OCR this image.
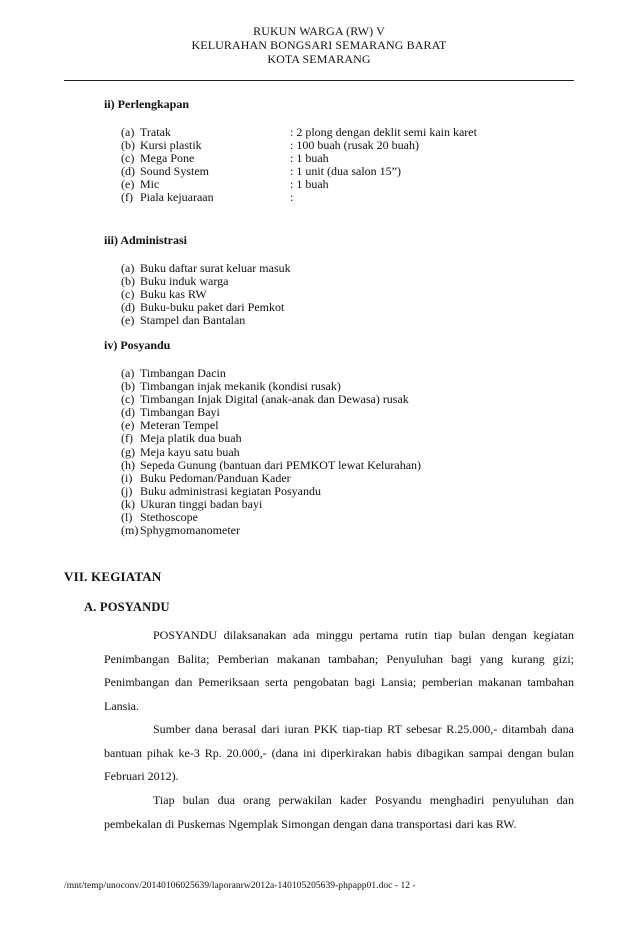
RUKUN WARGA (RW) V
KELURAHAN BONGSARI SEMARANG BARAT
KOTA SEMARANG
ii) Perlengkapan
(a) Tratak	: 2 plong dengan deklit semi kain karet
(b) Kursi plastik	: 100 buah (rusak 20 buah)
(c) Mega Pone	: 1 buah
(d) Sound System	: 1 unit (dua salon 15”)
(e) Mic	: 1 buah
(f) Piala kejuaraan	:
iii) Administrasi
(a) Buku daftar surat keluar masuk
(b) Buku induk warga
(c) Buku kas RW
(d) Buku-buku paket dari Pemkot
(e) Stampel dan Bantalan
iv) Posyandu
(a) Timbangan Dacin
(b) Timbangan injak mekanik (kondisi rusak)
(c) Timbangan Injak Digital (anak-anak dan Dewasa) rusak
(d) Timbangan Bayi
(e) Meteran Tempel
(f) Meja platik dua buah
(g) Meja kayu satu buah
(h) Sepeda Gunung (bantuan dari PEMKOT lewat Kelurahan)
(i) Buku Pedoman/Panduan Kader
(j) Buku administrasi kegiatan Posyandu
(k) Ukuran tinggi badan bayi
(l) Stethoscope
(m) Sphygmomanometer
VII. KEGIATAN
A. POSYANDU

POSYANDU dilaksanakan ada minggu pertama rutin tiap bulan dengan kegiatan Penimbangan Balita; Pemberian makanan tambahan; Penyuluhan bagi yang kurang gizi; Penimbangan dan Pemeriksaan serta pengobatan bagi Lansia; pemberian makanan tambahan Lansia.

Sumber dana berasal dari iuran PKK tiap-tiap RT sebesar R.25.000,- ditambah dana bantuan pihak ke-3 Rp. 20.000,- (dana ini diperkirakan habis dibagikan sampai dengan bulan Februari 2012).

Tiap bulan dua orang perwakilan kader Posyandu menghadiri penyuluhan dan pembekalan di Puskemas Ngemplak Simongan dengan dana transportasi dari kas RW.

/mnt/temp/unoconv/20140106025639/laporanrw2012a-140105205639-phpapp01.doc - 12 -
